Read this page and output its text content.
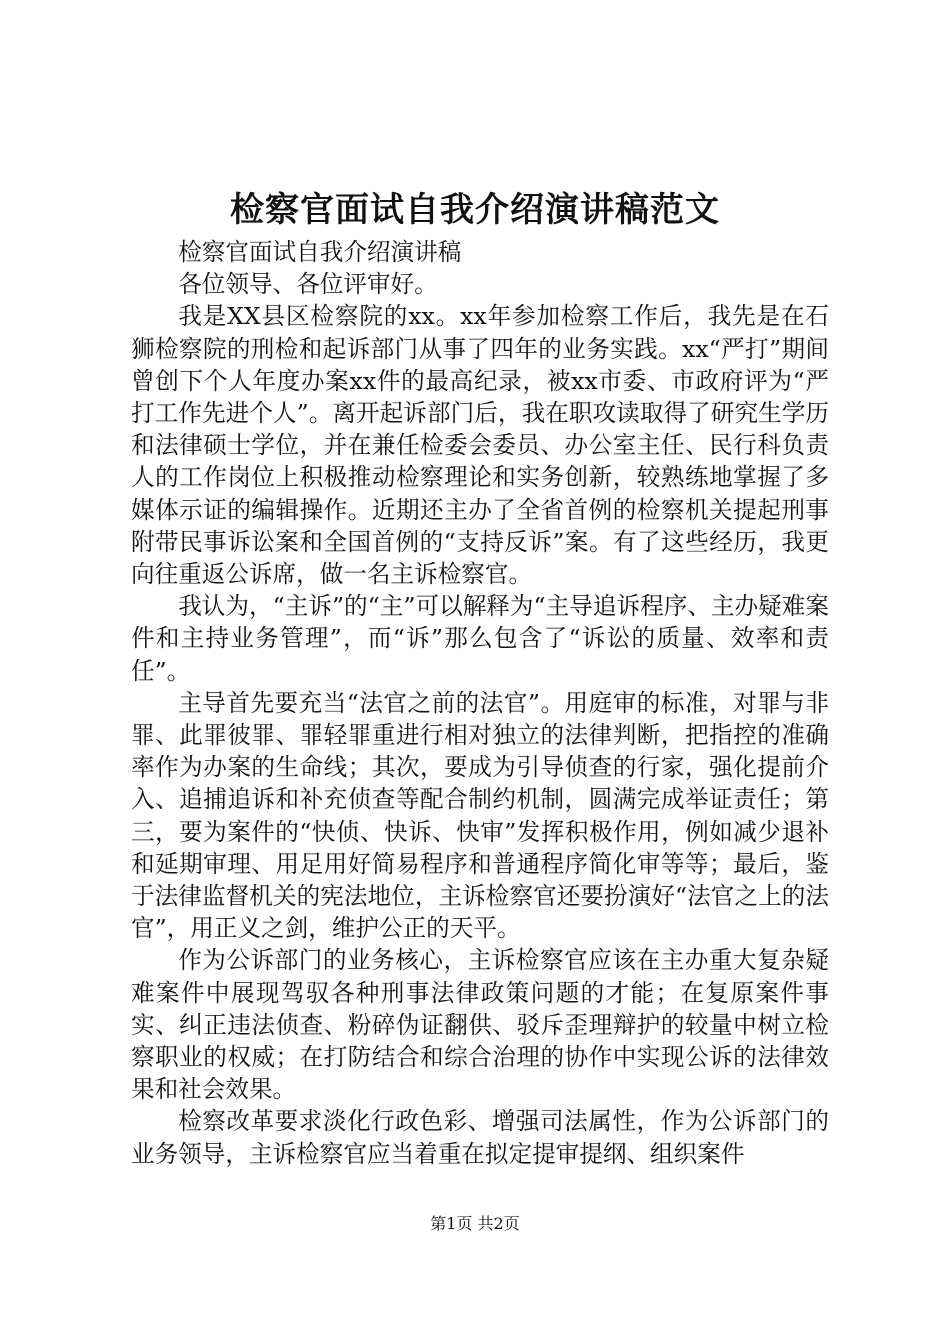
检察官面试自我介绍演讲稿范文

检察官面试自我介绍演讲稿

各位领导、各位评审好。

我是XX县区检察院的xx。xx年参加检察工作后，我先是在石狮检察院的刑检和起诉部门从事了四年的业务实践。xx“严打”期间曾创下个人年度办案xx件的最高纪录，被xx市委、市政府评为“严打工作先进个人”。离开起诉部门后，我在职攻读取得了研究生学历和法律硕士学位，并在兼任检委会委员、办公室主任、民行科负责人的工作岗位上积极推动检察理论和实务创新，较熟练地掌握了多媒体示证的编辑操作。近期还主办了全省首例的检察机关提起刑事附带民事诉讼案和全国首例的“支持反诉”案。有了这些经历，我更向往重返公诉席，做一名主诉检察官。

我认为，“主诉”的“主”可以解释为“主导追诉程序、主办疑难案件和主持业务管理”，而“诉”那么包含了“诉讼的质量、效率和责任”。

主导首先要充当“法官之前的法官”。用庭审的标准，对罪与非罪、此罪彼罪、罪轻罪重进行相对独立的法律判断，把指控的准确率作为办案的生命线；其次，要成为引导侦查的行家，强化提前介入、追捕追诉和补充侦查等配合制约机制，圆满完成举证责任；第三，要为案件的“快侦、快诉、快审”发挥积极作用，例如减少退补和延期审理、用足用好简易程序和普通程序简化审等等；最后，鉴于法律监督机关的宪法地位，主诉检察官还要扮演好“法官之上的法官”，用正义之剑，维护公正的天平。

作为公诉部门的业务核心，主诉检察官应该在主办重大复杂疑难案件中展现驾驭各种刑事法律政策问题的才能；在复原案件事实、纠正违法侦查、粉碎伪证翻供、驳斥歪理辩护的较量中树立检察职业的权威；在打防结合和综合治理的协作中实现公诉的法律效果和社会效果。

检察改革要求淡化行政色彩、增强司法属性，作为公诉部门的业务领导，主诉检察官应当着重在拟定提审提纲、组织案件

第1页 共2页
